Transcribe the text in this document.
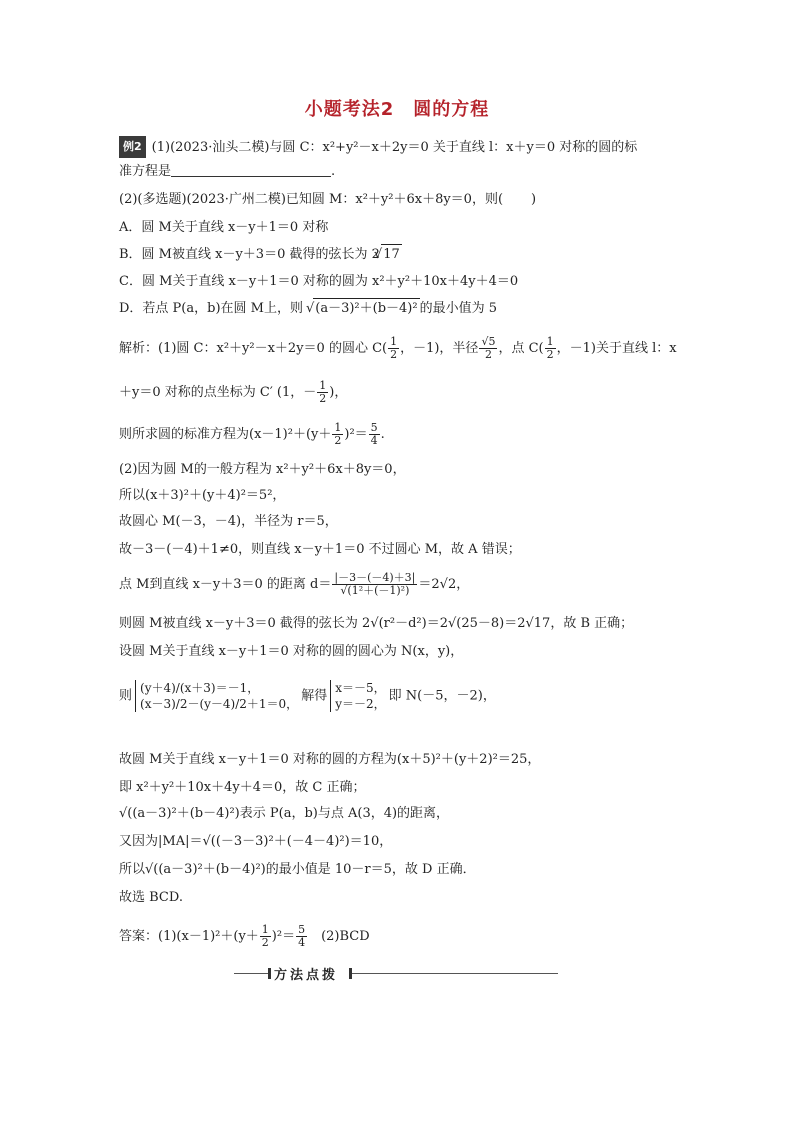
小题考法2　圆的方程
例2 (1)(2023·汕头二模)与圆 C：x²+y²－x＋2y＝0 关于直线 l：x＋y＝0 对称的圆的标
准方程是	.
(2)(多选题)(2023·广州二模)已知圆 M：x²＋y²＋6x＋8y＝0，则( )
A．圆 M关于直线 x－y＋1＝0 对称
B．圆 M被直线 x－y＋3＝0 截得的弦长为 2 √ 17
C．圆 M关于直线 x－y＋1＝0 对称的圆为 x²＋y²＋10x＋4y＋4＝0
D．若点 P(a，b)在圆 M上，则 √ (a－3)²＋(b－4)² 的最小值为 5
解析：(1)圆 C：x²＋y²－x＋2y＝0 的圆心 $C( \frac{1}{2}$ ，－1)，半径 $\frac{√5}{2}$ ，点 $C( \frac{1}{2}$ ，－1)关于直线 l：x
＋y＝0 对称的点坐标为 C′ (1，－ $\frac{1}{2}$ )，
则所求圆的标准方程为$(x-1)^2+(y+ \frac{1}{2} )^2= \frac{5}{4}$ .
(2)因为圆 M的一般方程为 x²＋y²＋6x＋8y＝0，
所以(x＋3)²＋(y＋4)²＝5²，
故圆心 M(－3，－4)，半径为 r＝5，
故－3－(－4)＋1≠0，则直线 x－y＋1＝0 不过圆心 M，故 A 错误；
点 M到直线 x－y＋3＝0 的距离 $d= \frac{|-3-(-4)+3|}{\text{√(1²＋(－1)²)}} =2√2$，
则圆 M被直线 x－y＋3＝0 截得的弦长为 2√(r²－d²)＝2√(25－8)＝2√17，故 B 正确；
设圆 M关于直线 x－y＋1＝0 对称的圆的圆心为 N(x，y)，
则
(y＋4)/(x＋3)＝－1，
(x－3)/2－(y－4)/2＋1＝0，
解得
x＝－5，
y＝－2，
即 N(－5，－2)，
故圆 M关于直线 x－y＋1＝0 对称的圆的方程为(x＋5)²＋(y＋2)²＝25，
即 x²＋y²＋10x＋4y＋4＝0，故 C 正确；
√((a－3)²＋(b－4)²)表示 P(a，b)与点 A(3，4)的距离，
又因为|MA|＝√((－3－3)²＋(－4－4)²)＝10，
所以√((a－3)²＋(b－4)²)的最小值是 10－r＝5，故 D 正确．
故选 BCD.
答案：$(1)(x-1)^2+(y+ \frac{1}{2} )^2= \frac{5}{4}$ 　(2)BCD
方法点拨
